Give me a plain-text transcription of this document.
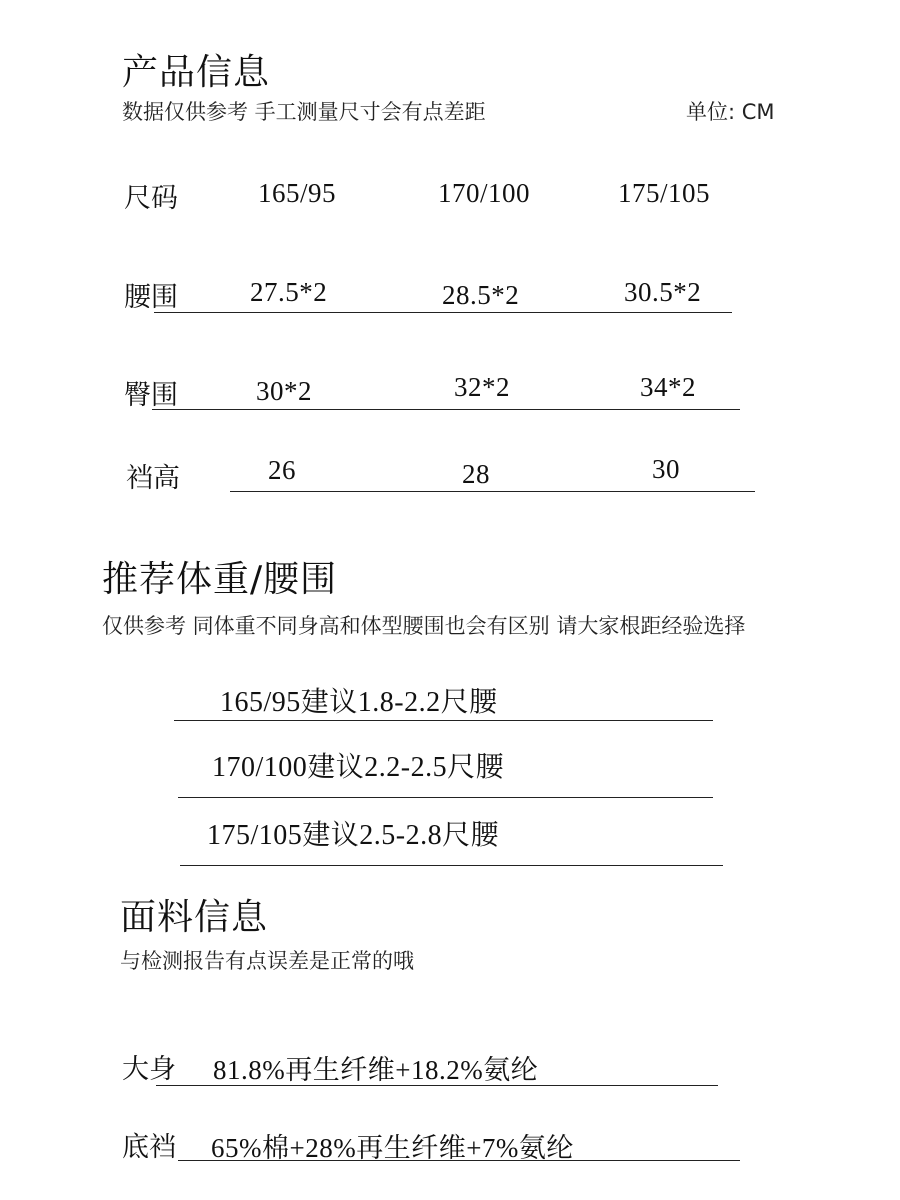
产品信息
数据仅供参考 手工测量尺寸会有点差距	单位: CM
尺码	165/95	170/100	175/105
腰围	27.5*2	28.5*2	30.5*2
臀围	30*2	32*2	34*2
裆高	26	28	30
推荐体重/腰围
仅供参考 同体重不同身高和体型腰围也会有区别 请大家根距经验选择
165/95建议1.8-2.2尺腰
170/100建议2.2-2.5尺腰
175/105建议2.5-2.8尺腰
面料信息
与检测报告有点误差是正常的哦
大身 81.8%再生纤维+18.2%氨纶
底裆 65%棉+28%再生纤维+7%氨纶
